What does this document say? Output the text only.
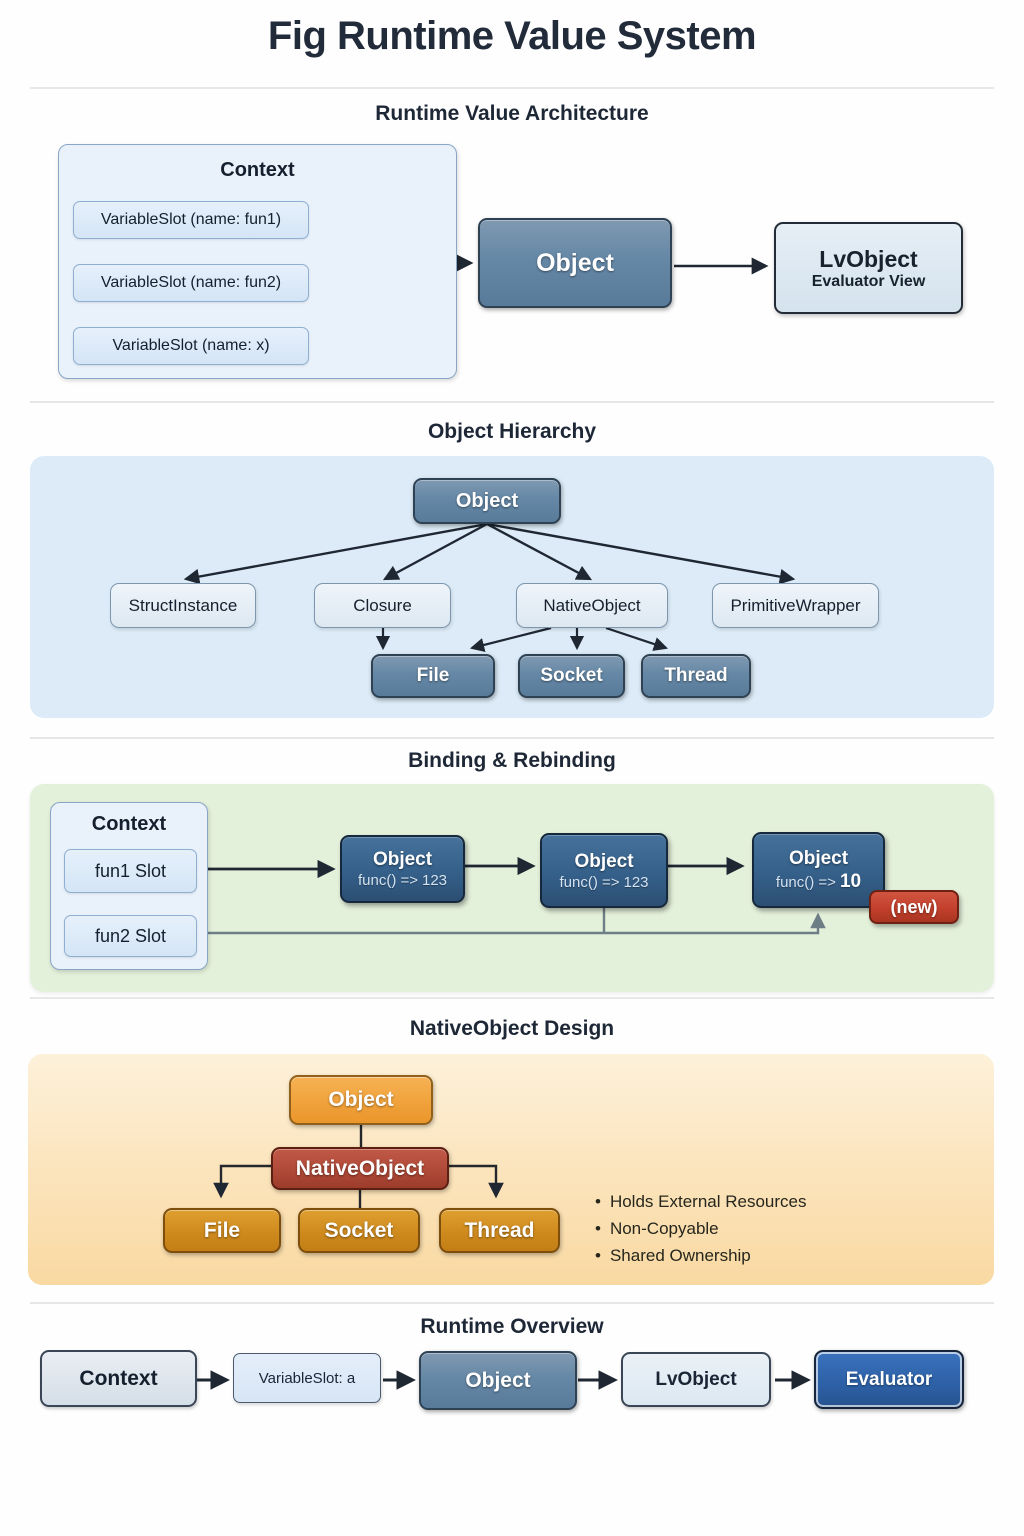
Fig Runtime Value System
Runtime Value Architecture
Context
VariableSlot (name: fun1)
VariableSlot (name: fun2)
VariableSlot (name: x)
Object	LvObject
Evaluator View
Object Hierarchy
Object
StructInstance	Closure	NativeObject	PrimitiveWrapper
File	Socket	Thread
Binding & Rebinding
Context
fun1 Slot
fun2 Slot
Object
func() => 123
Object
func() => 123
Object
func() => 10
(new)
NativeObject Design
Object
NativeObject
File	Socket	Thread
• Holds External Resources
• Non-Copyable
• Shared Ownership
Runtime Overview
Context	VariableSlot: a	Object	LvObject	Evaluator
